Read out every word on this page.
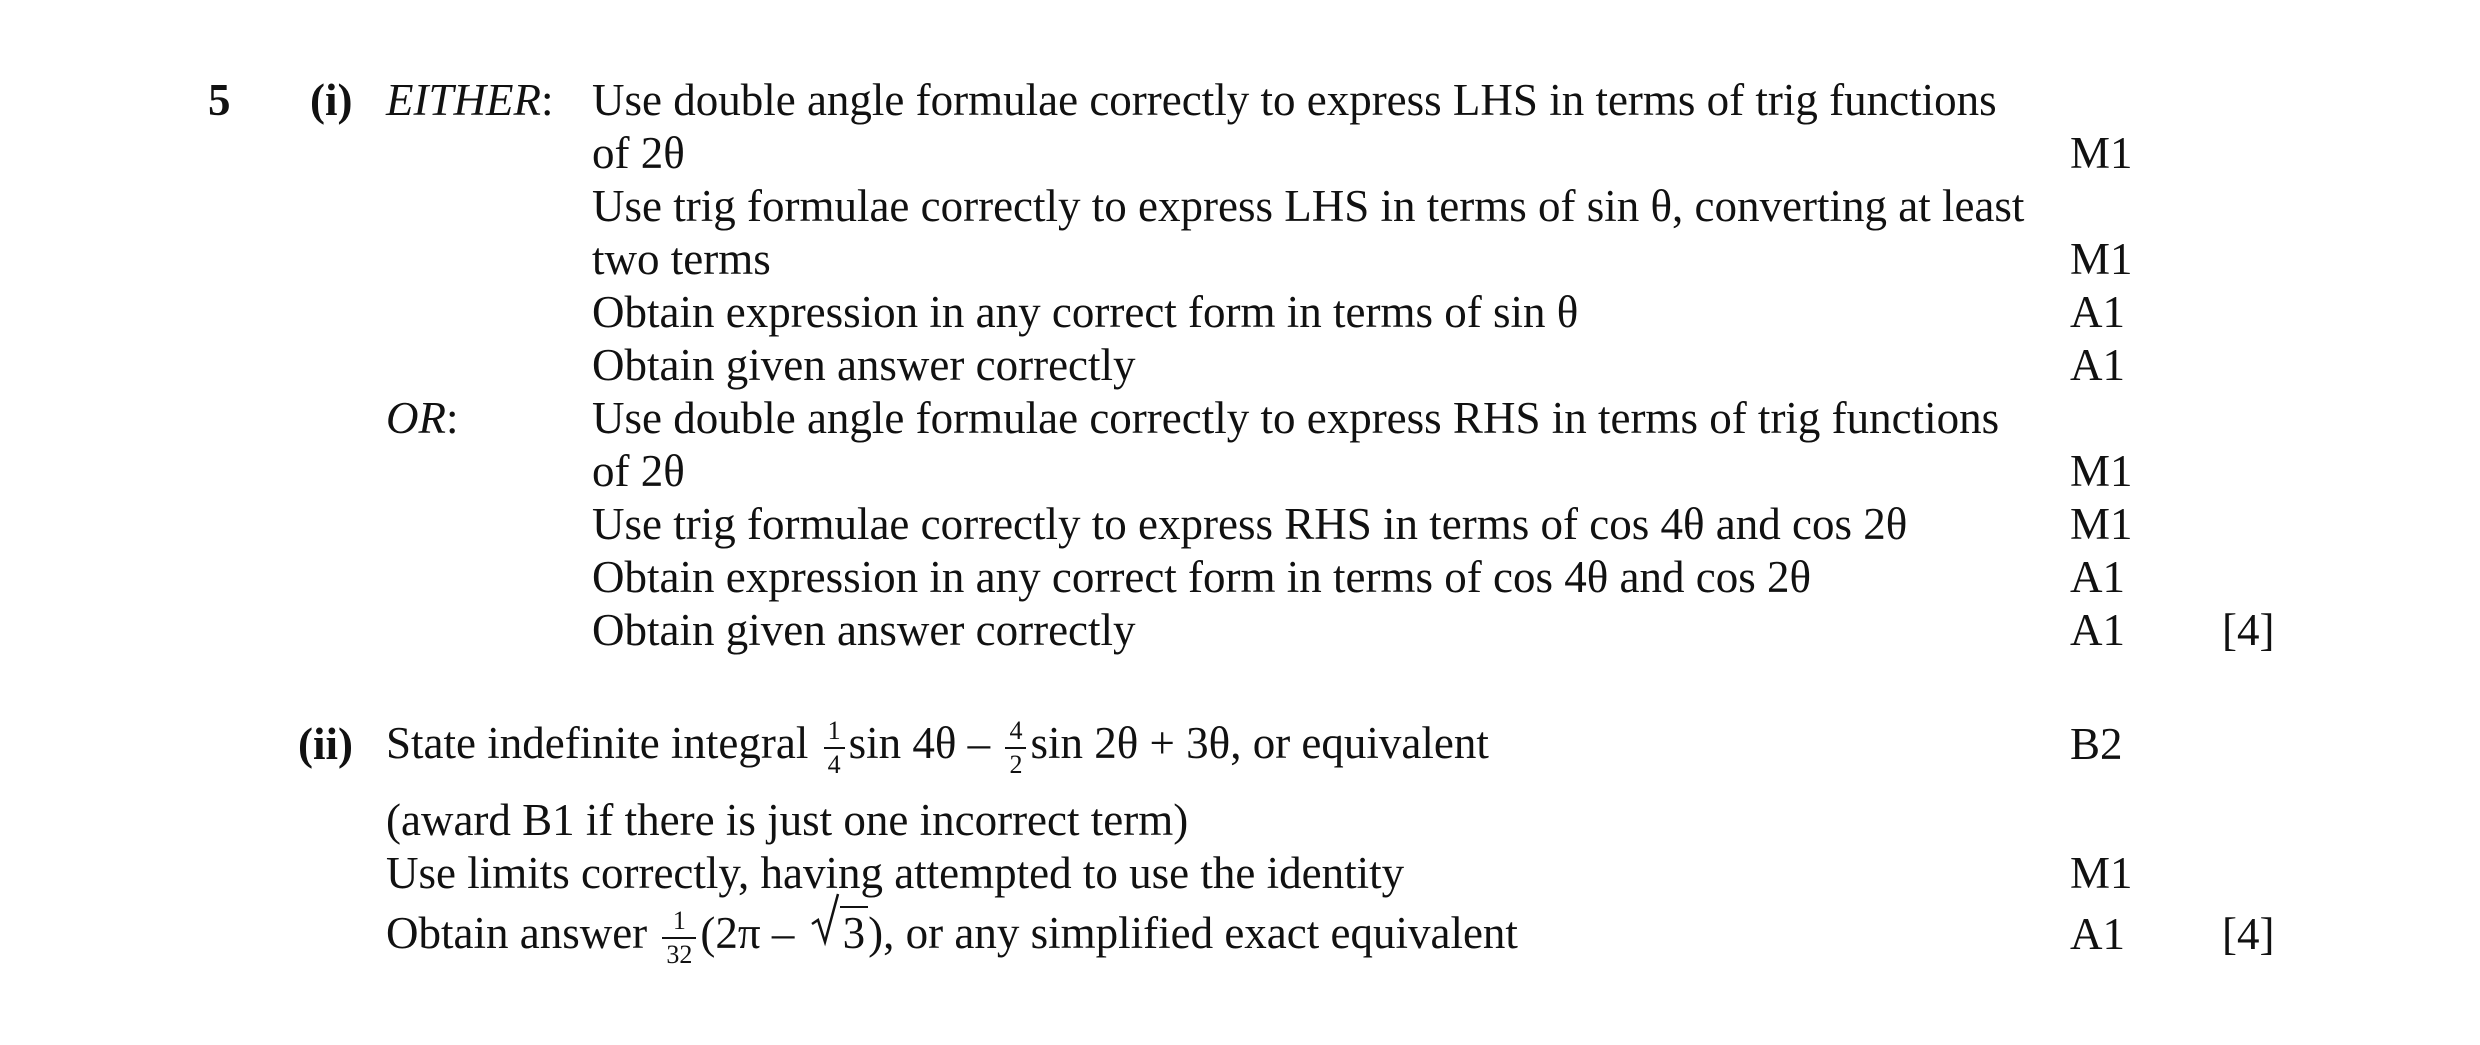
5 (i) EITHER: Use double angle formulae correctly to express LHS in terms of trig functions
of 2θ	M1
Use trig formulae correctly to express LHS in terms of sin θ, converting at least
two terms	M1
Obtain expression in any correct form in terms of sin θ	A1
Obtain given answer correctly	A1
OR:	Use double angle formulae correctly to express RHS in terms of trig functions
of 2θ	M1
Use trig formulae correctly to express RHS in terms of cos 4θ and cos 2θ	M1
Obtain expression in any correct form in terms of cos 4θ and cos 2θ	A1
Obtain given answer correctly	A1 [4]
(ii) State indefinite integral $\frac{1}{4}$ $\sin 4\theta - \frac{4}{2}$ sin 2θ + 3θ, or equivalent	B2
(award B1 if there is just one incorrect term)
Use limits correctly, having attempted to use the identity	M1
Obtain answer $\frac{1}{32} (2\pi - 3)$, or any simplified exact equivalent	A1 [4]
